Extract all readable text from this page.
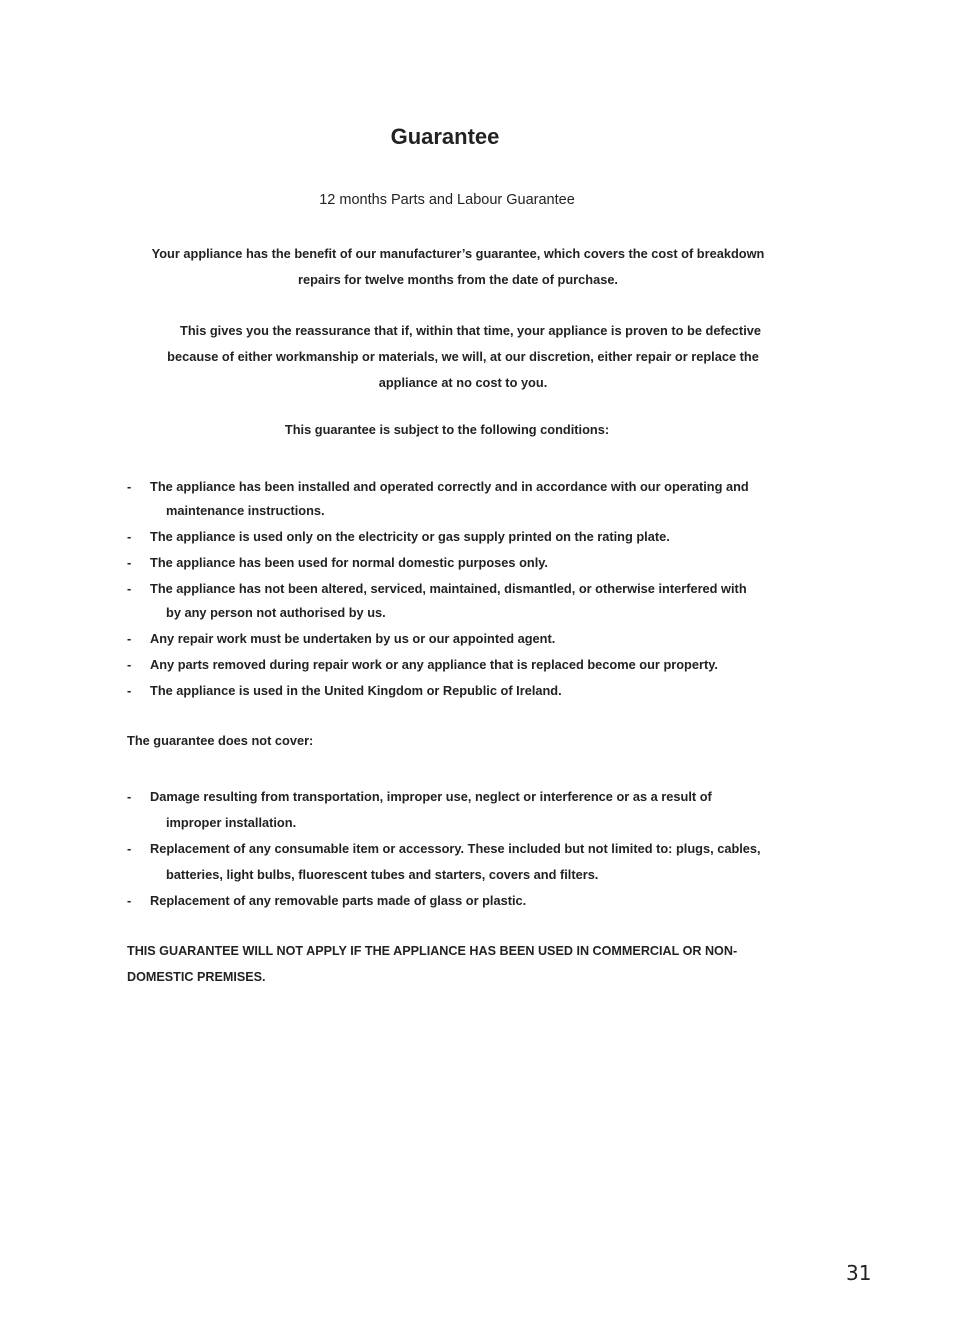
Guarantee
12 months Parts and Labour Guarantee
Your appliance has the benefit of our manufacturer’s guarantee, which covers the cost of breakdown
repairs for twelve months from the date of purchase.
This gives you the reassurance that if, within that time, your appliance is proven to be defective
because of either workmanship or materials, we will, at our discretion, either repair or replace the
appliance at no cost to you.
This guarantee is subject to the following conditions:
- The appliance has been installed and operated correctly and in accordance with our operating and
maintenance instructions.
- The appliance is used only on the electricity or gas supply printed on the rating plate.
- The appliance has been used for normal domestic purposes only.
- The appliance has not been altered, serviced, maintained, dismantled, or otherwise interfered with
by any person not authorised by us.
- Any repair work must be undertaken by us or our appointed agent.
- Any parts removed during repair work or any appliance that is replaced become our property.
- The appliance is used in the United Kingdom or Republic of Ireland.
The guarantee does not cover:
- Damage resulting from transportation, improper use, neglect or interference or as a result of
improper installation.
- Replacement of any consumable item or accessory. These included but not limited to: plugs, cables,
batteries, light bulbs, fluorescent tubes and starters, covers and filters.
- Replacement of any removable parts made of glass or plastic.
THIS GUARANTEE WILL NOT APPLY IF THE APPLIANCE HAS BEEN USED IN COMMERCIAL OR NON-
DOMESTIC PREMISES.
31
